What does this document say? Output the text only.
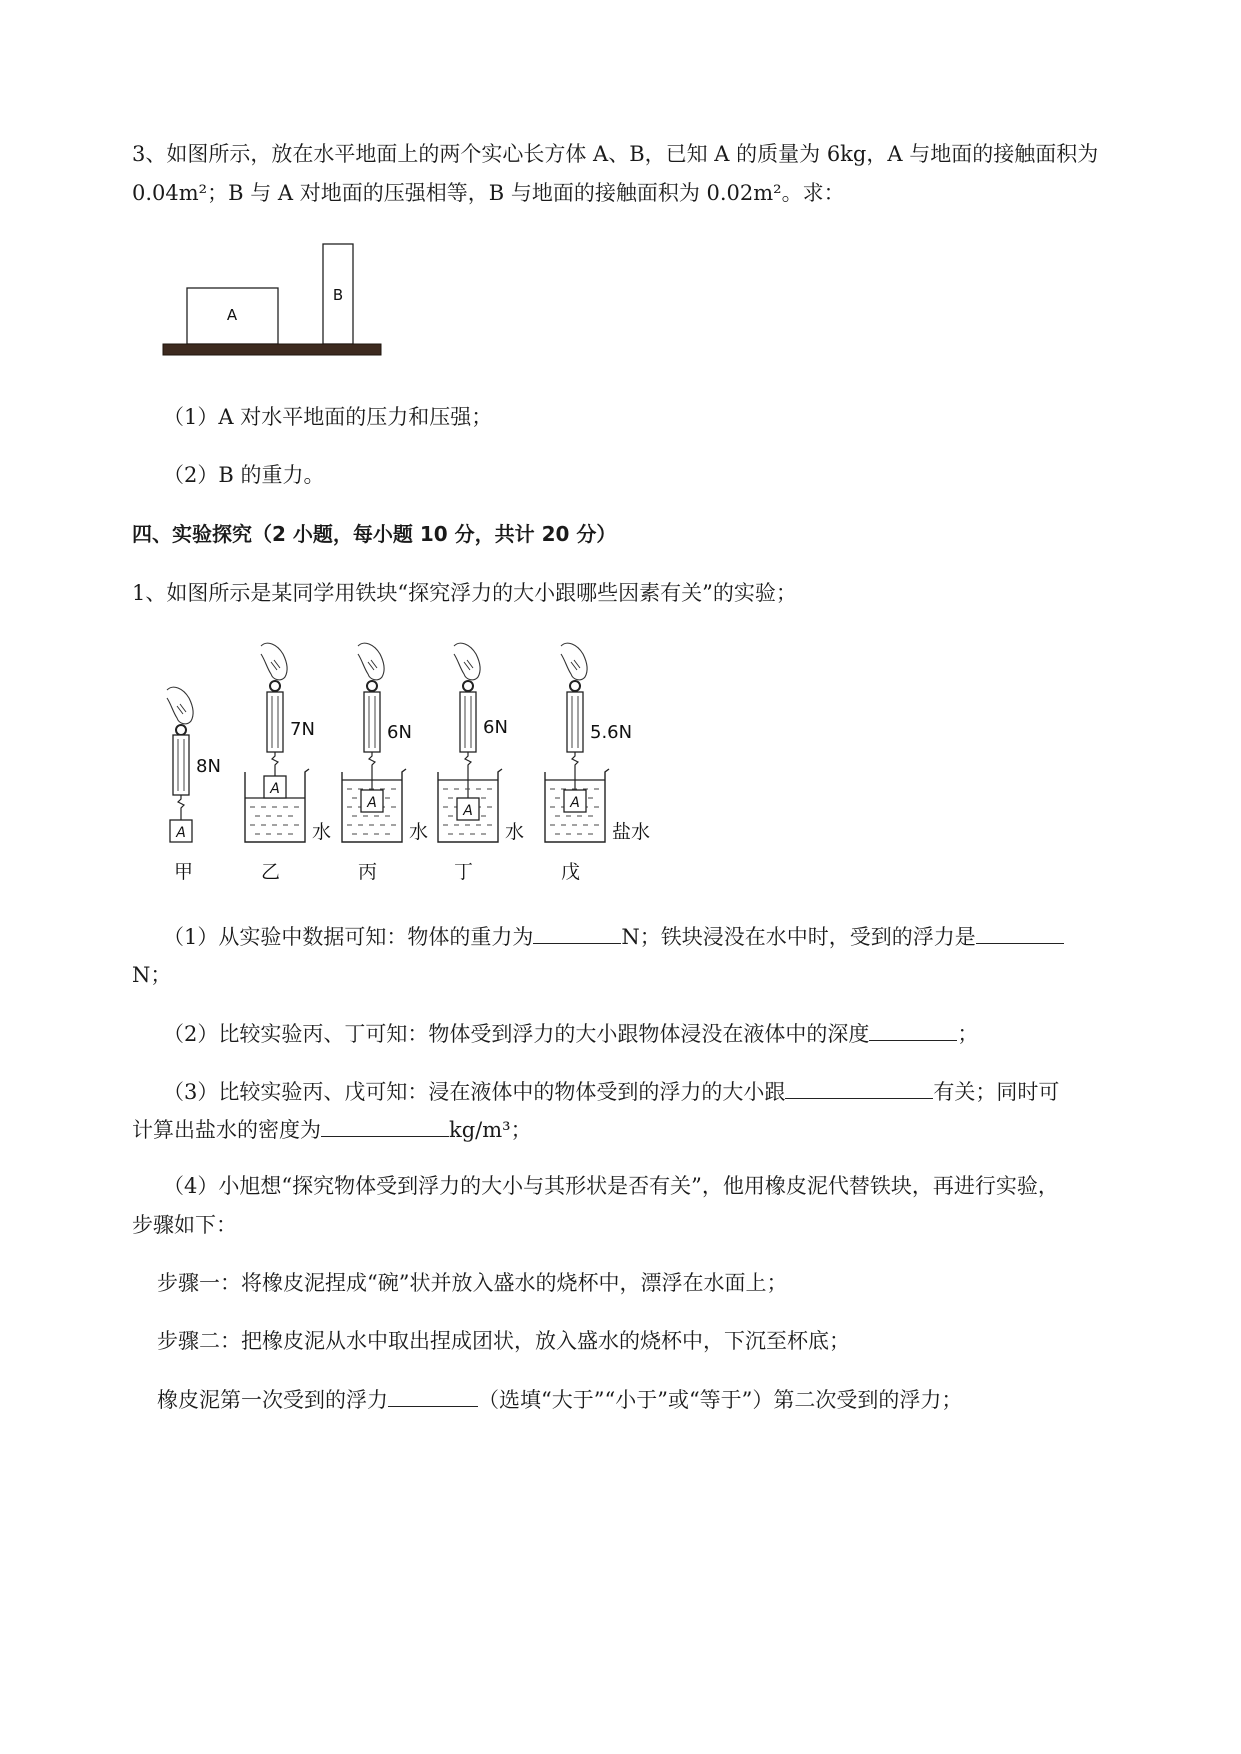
3、如图所示，放在水平地面上的两个实心长方体 A、B，已知 A 的质量为 6kg，A 与地面的接触面积为
0.04m²；B 与 A 对地面的压强相等，B 与地面的接触面积为 0.02m²。求：
A
B
（1）A 对水平地面的压力和压强；
（2）B 的重力。
四、实验探究（2 小题，每小题 10 分，共计 20 分）
1、如图所示是某同学用铁块“探究浮力的大小跟哪些因素有关”的实验；
8N
A
甲
7N
A
水
乙
6N
A
水
丙
6N
A
水
丁
5.6N
A
盐水
戊
（1）从实验中数据可知：物体的重力为	N；铁块浸没在水中时，受到的浮力是
N；
（2）比较实验丙、丁可知：物体受到浮力的大小跟物体浸没在液体中的深度	；
（3）比较实验丙、戊可知：浸在液体中的物体受到的浮力的大小跟	有关；同时可
计算出盐水的密度为	kg/m³；
（4）小旭想“探究物体受到浮力的大小与其形状是否有关”，他用橡皮泥代替铁块，再进行实验，
步骤如下：
步骤一：将橡皮泥捏成“碗”状并放入盛水的烧杯中，漂浮在水面上；
步骤二：把橡皮泥从水中取出捏成团状，放入盛水的烧杯中，下沉至杯底；
橡皮泥第一次受到的浮力	（选填“大于”“小于”或“等于”）第二次受到的浮力；
